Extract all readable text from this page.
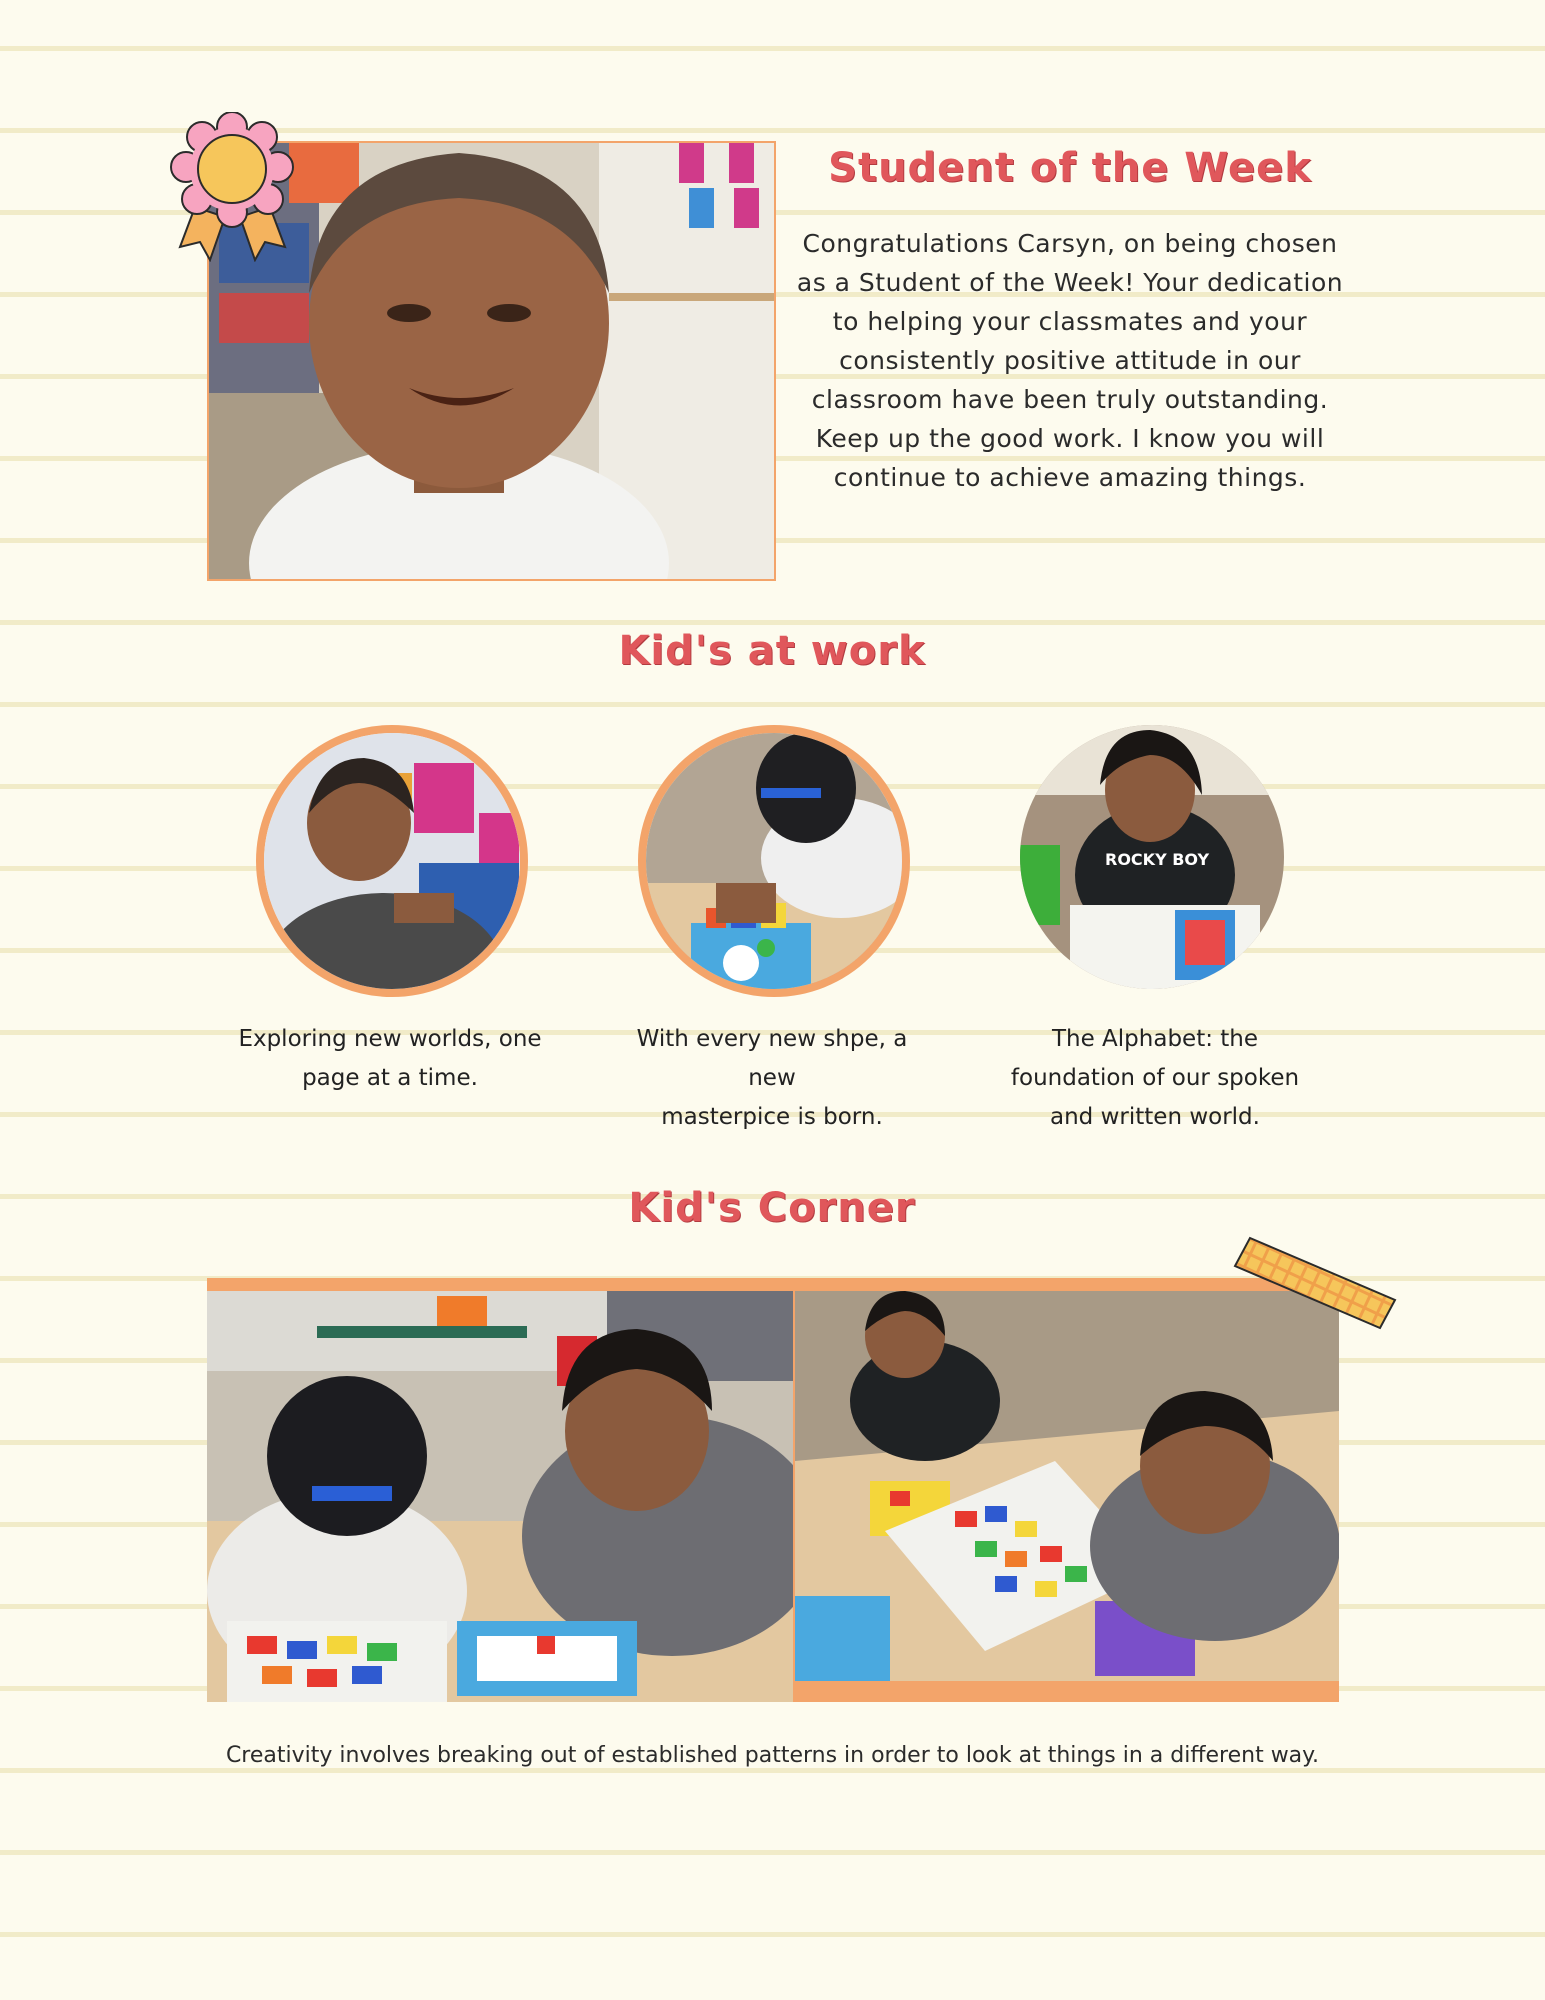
Student of the Week
Congratulations Carsyn, on being chosen
as a Student of the Week! Your dedication
to helping your classmates and your
consistently positive attitude in our
classroom have been truly outstanding.
Keep up the good work. I know you will
continue to achieve amazing things.
Kid's at work
ROCKY BOY
Exploring new worlds, one
page at a time.
With every new shpe, a new
masterpice is born.
The Alphabet: the
foundation of our spoken
and written world.
Kid's Corner
Creativity involves breaking out of established patterns in order to look at things in a different way.
